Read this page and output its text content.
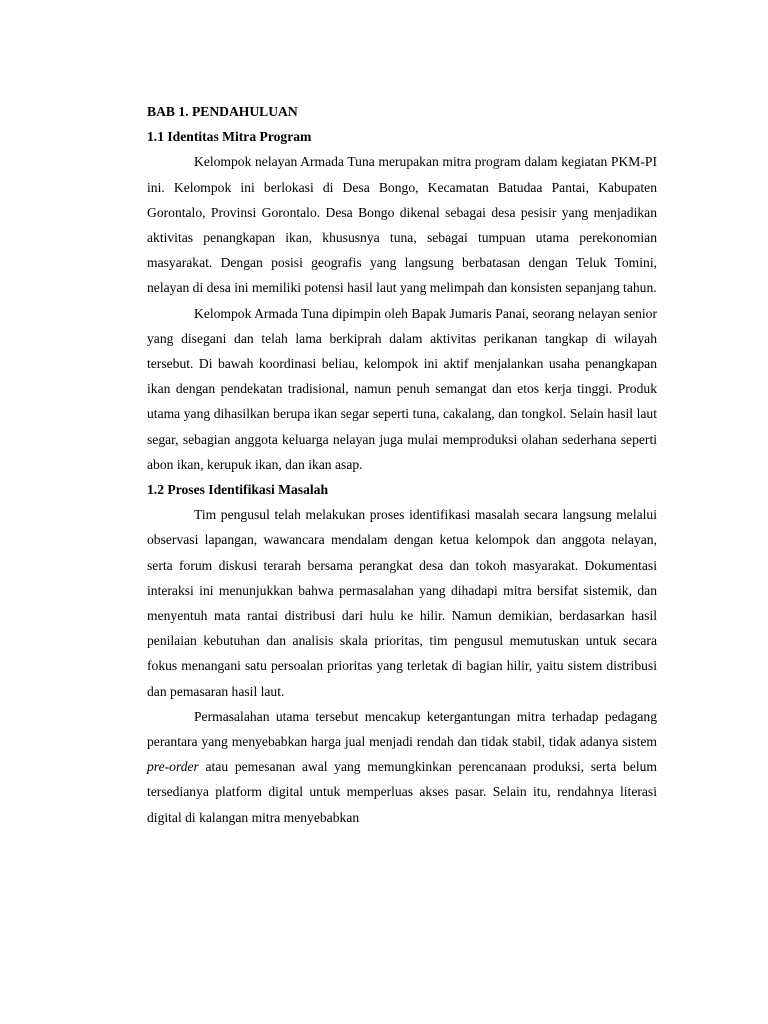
BAB 1. PENDAHULUAN

1.1 Identitas Mitra Program

Kelompok nelayan Armada Tuna merupakan mitra program dalam kegiatan PKM-PI ini. Kelompok ini berlokasi di Desa Bongo, Kecamatan Batudaa Pantai, Kabupaten Gorontalo, Provinsi Gorontalo. Desa Bongo dikenal sebagai desa pesisir yang menjadikan aktivitas penangkapan ikan, khususnya tuna, sebagai tumpuan utama perekonomian masyarakat. Dengan posisi geografis yang langsung berbatasan dengan Teluk Tomini, nelayan di desa ini memiliki potensi hasil laut yang melimpah dan konsisten sepanjang tahun.

Kelompok Armada Tuna dipimpin oleh Bapak Jumaris Panai, seorang nelayan senior yang disegani dan telah lama berkiprah dalam aktivitas perikanan tangkap di wilayah tersebut. Di bawah koordinasi beliau, kelompok ini aktif menjalankan usaha penangkapan ikan dengan pendekatan tradisional, namun penuh semangat dan etos kerja tinggi. Produk utama yang dihasilkan berupa ikan segar seperti tuna, cakalang, dan tongkol. Selain hasil laut segar, sebagian anggota keluarga nelayan juga mulai memproduksi olahan sederhana seperti abon ikan, kerupuk ikan, dan ikan asap.

1.2 Proses Identifikasi Masalah

Tim pengusul telah melakukan proses identifikasi masalah secara langsung melalui observasi lapangan, wawancara mendalam dengan ketua kelompok dan anggota nelayan, serta forum diskusi terarah bersama perangkat desa dan tokoh masyarakat. Dokumentasi interaksi ini menunjukkan bahwa permasalahan yang dihadapi mitra bersifat sistemik, dan menyentuh mata rantai distribusi dari hulu ke hilir. Namun demikian, berdasarkan hasil penilaian kebutuhan dan analisis skala prioritas, tim pengusul memutuskan untuk secara fokus menangani satu persoalan prioritas yang terletak di bagian hilir, yaitu sistem distribusi dan pemasaran hasil laut.

Permasalahan utama tersebut mencakup ketergantungan mitra terhadap pedagang perantara yang menyebabkan harga jual menjadi rendah dan tidak stabil, tidak adanya sistem pre-order atau pemesanan awal yang memungkinkan perencanaan produksi, serta belum tersedianya platform digital untuk memperluas akses pasar. Selain itu, rendahnya literasi digital di kalangan mitra menyebabkan
